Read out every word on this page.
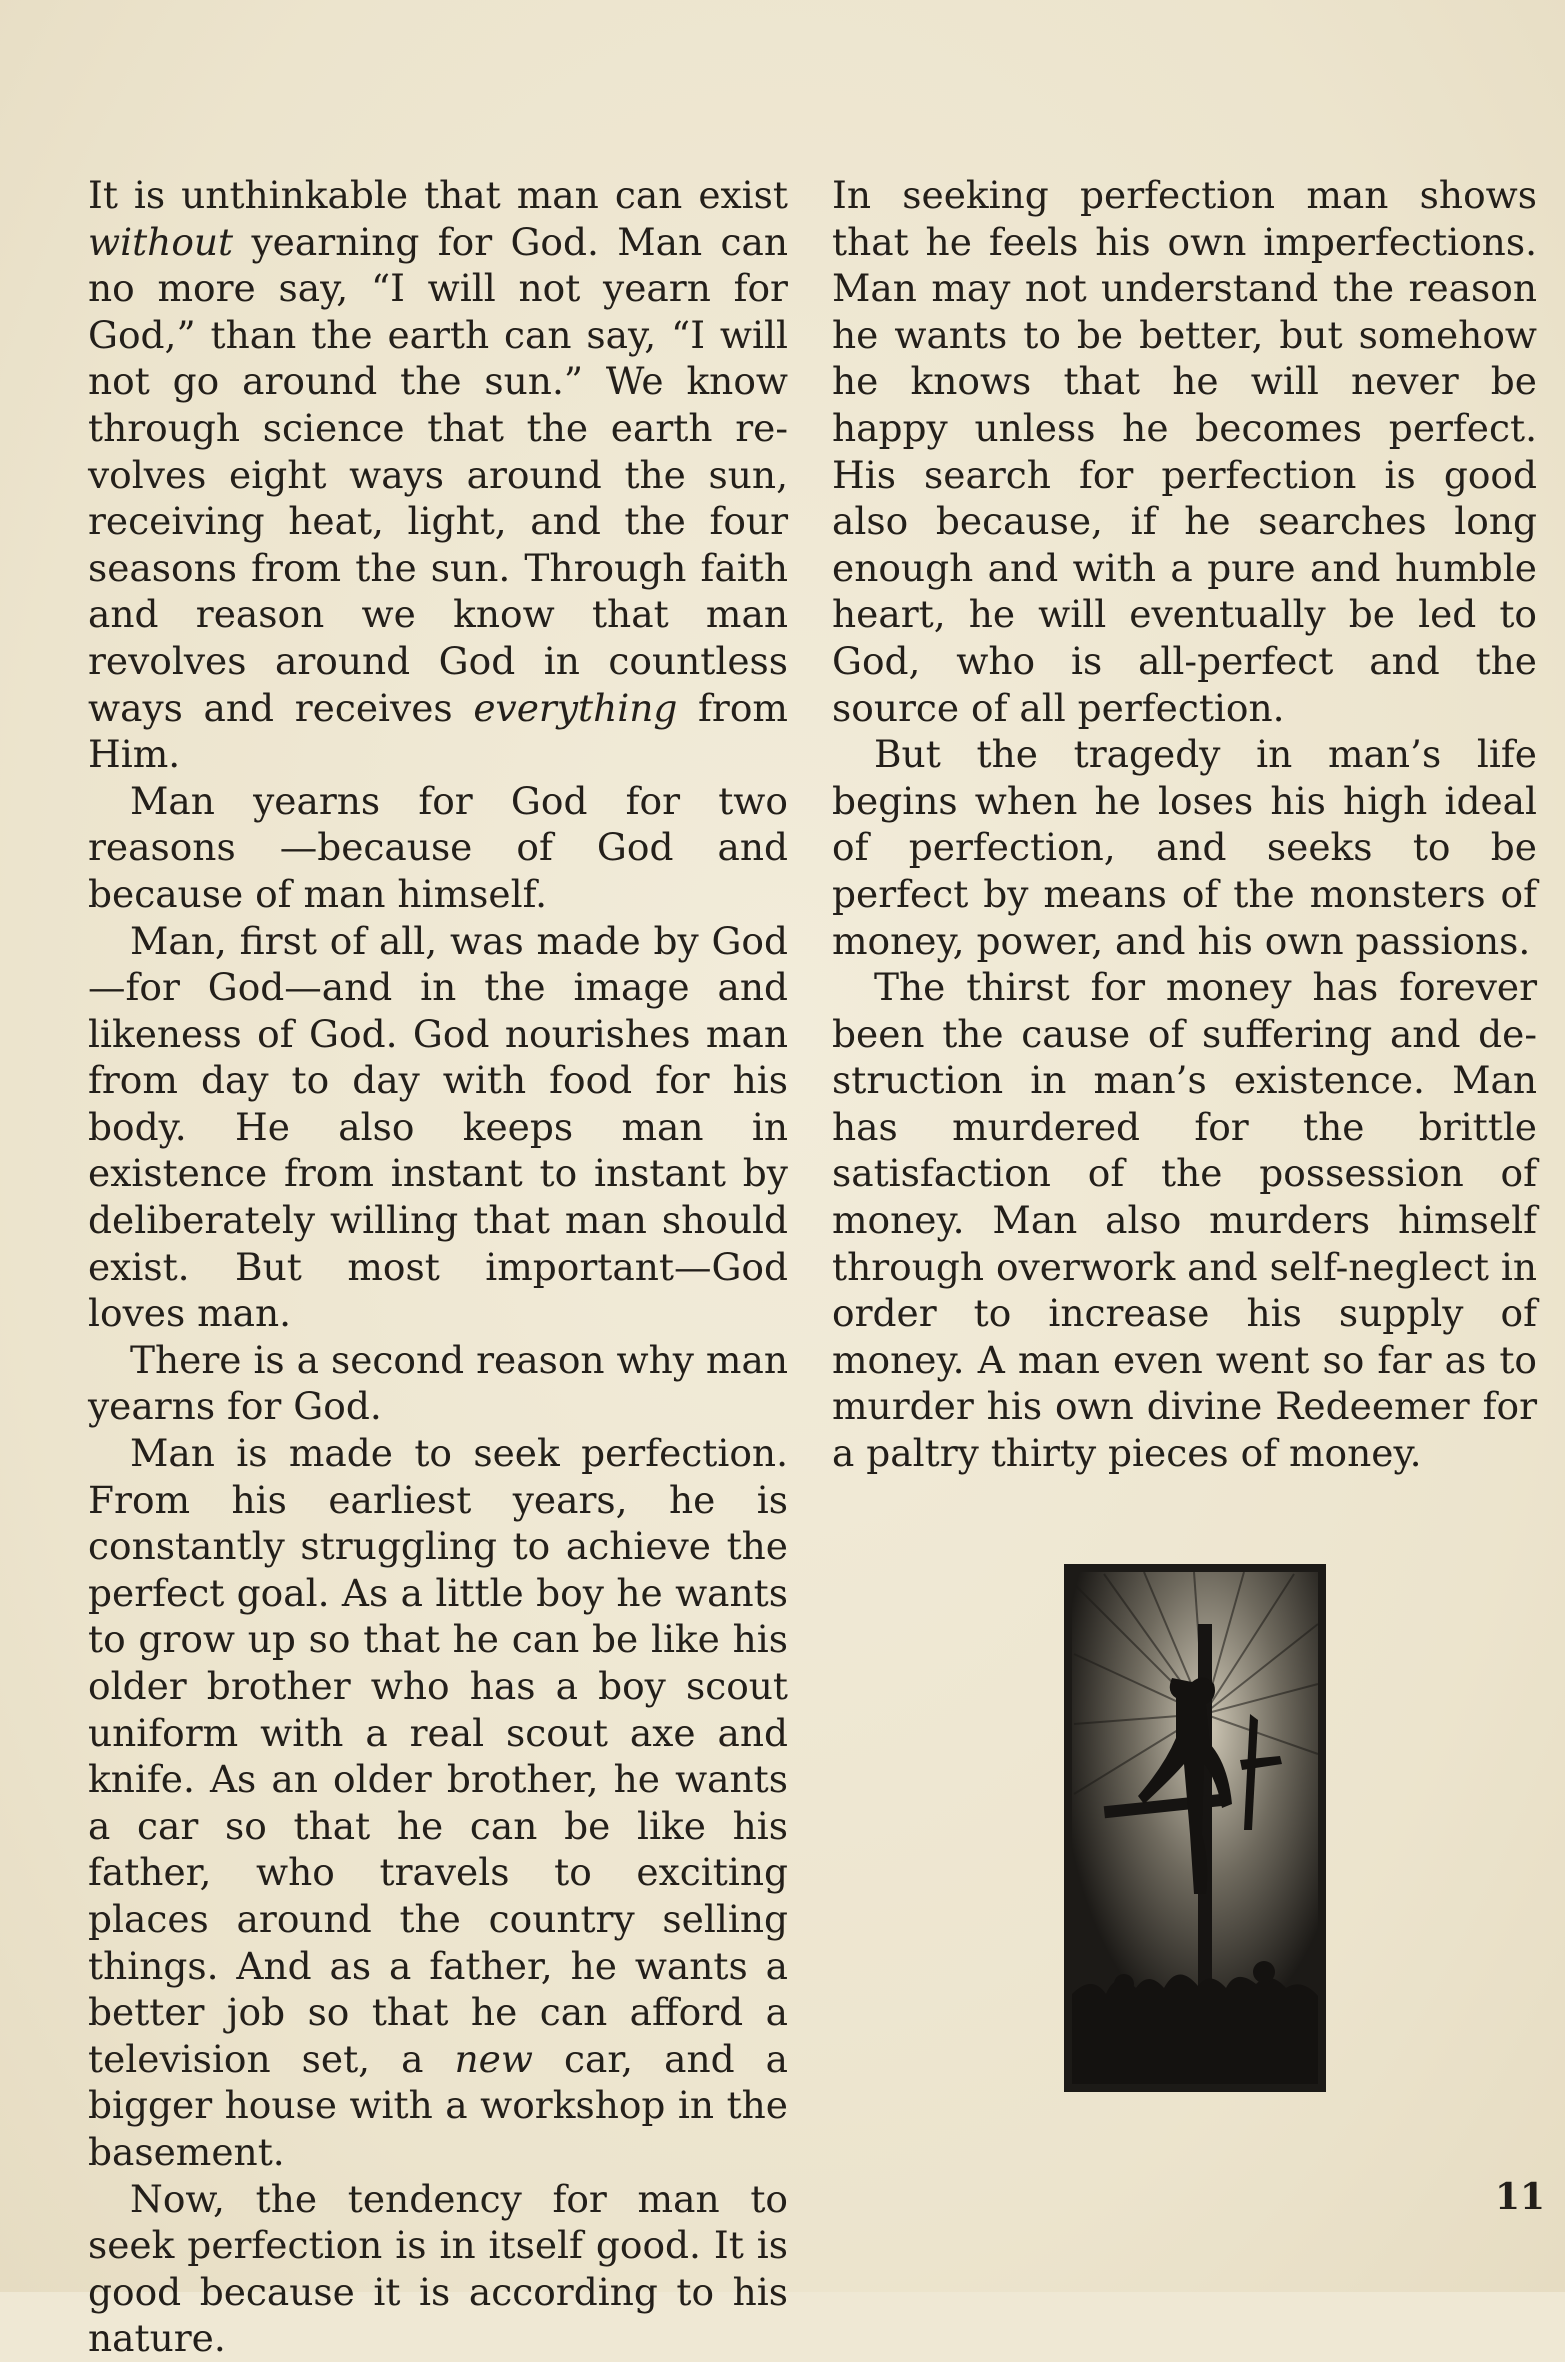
It is unthinkable that man can exist without yearning for God. Man can no more say, “I will not yearn for God,” than the earth can say, “I will not go around the sun.” We know through science that the earth revolves eight ways around the sun, receiving heat, light, and the four seasons from the sun. Through faith and reason we know that man revolves around God in countless ways and receives everything from Him.

Man yearns for God for two reasons —because of God and because of man himself.

Man, first of all, was made by God —for God—and in the image and likeness of God. God nourishes man from day to day with food for his body. He also keeps man in existence from instant to instant by deliberately willing that man should exist. But most important—God loves man.

There is a second reason why man yearns for God.

Man is made to seek perfection. From his earliest years, he is constantly struggling to achieve the perfect goal. As a little boy he wants to grow up so that he can be like his older brother who has a boy scout uniform with a real scout axe and knife. As an older brother, he wants a car so that he can be like his father, who travels to exciting places around the country selling things. And as a father, he wants a better job so that he can afford a television set, a new car, and a bigger house with a workshop in the basement.

Now, the tendency for man to seek perfection is in itself good. It is good because it is according to his nature.

In seeking perfection man shows that he feels his own imperfections. Man may not understand the reason he wants to be better, but somehow he knows that he will never be happy unless he becomes perfect. His search for perfection is good also because, if he searches long enough and with a pure and humble heart, he will eventually be led to God, who is all-perfect and the source of all perfection.

But the tragedy in man’s life begins when he loses his high ideal of perfection, and seeks to be perfect by means of the monsters of money, power, and his own passions.

The thirst for money has forever been the cause of suffering and destruction in man’s existence. Man has murdered for the brittle satisfaction of the possession of money. Man also murders himself through overwork and self-neglect in order to increase his supply of money. A man even went so far as to murder his own divine Redeemer for a paltry thirty pieces of money.

11
